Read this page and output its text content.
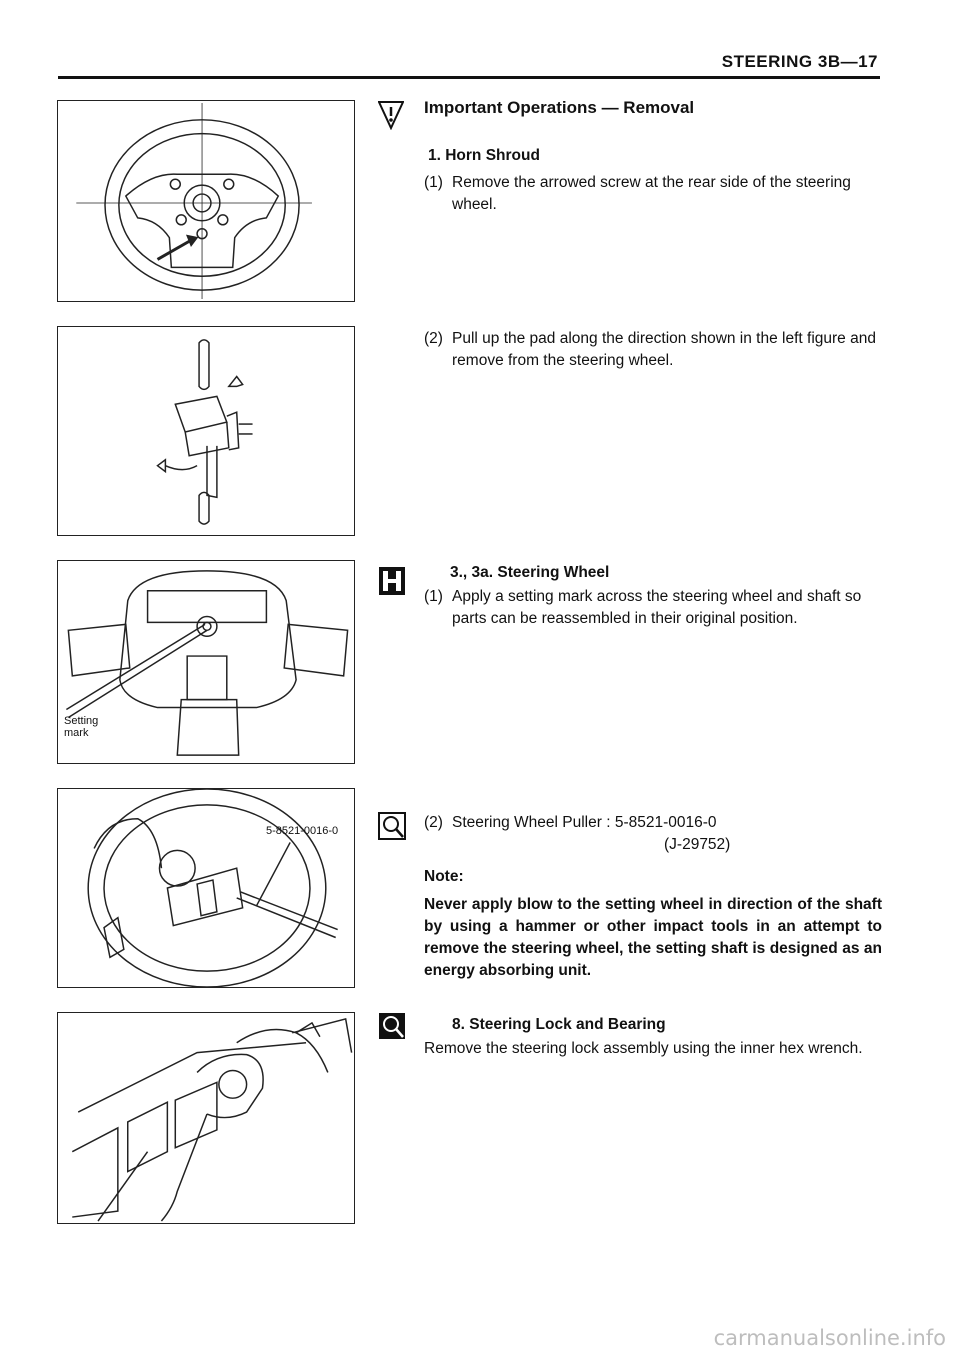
STEERING 3B—17
Setting
mark
5-8521-0016-0
Important Operations — Removal
1. Horn Shroud
(1) Remove the arrowed screw at the rear side of the steering wheel.
(2) Pull up the pad along the direction shown in the left figure and remove from the steering wheel.
3., 3a. Steering Wheel
(1) Apply a setting mark across the steering wheel and shaft so parts can be reassembled in their original position.
(2) Steering Wheel Puller : 5-8521-0016-0
(J-29752)
Note:
Never apply blow to the setting wheel in direction of the shaft by using a hammer or other impact tools in an attempt to remove the steering wheel, the setting shaft is designed as an energy absorbing unit.
8. Steering Lock and Bearing
Remove the steering lock assembly using the inner hex wrench.
carmanualsonline.info
